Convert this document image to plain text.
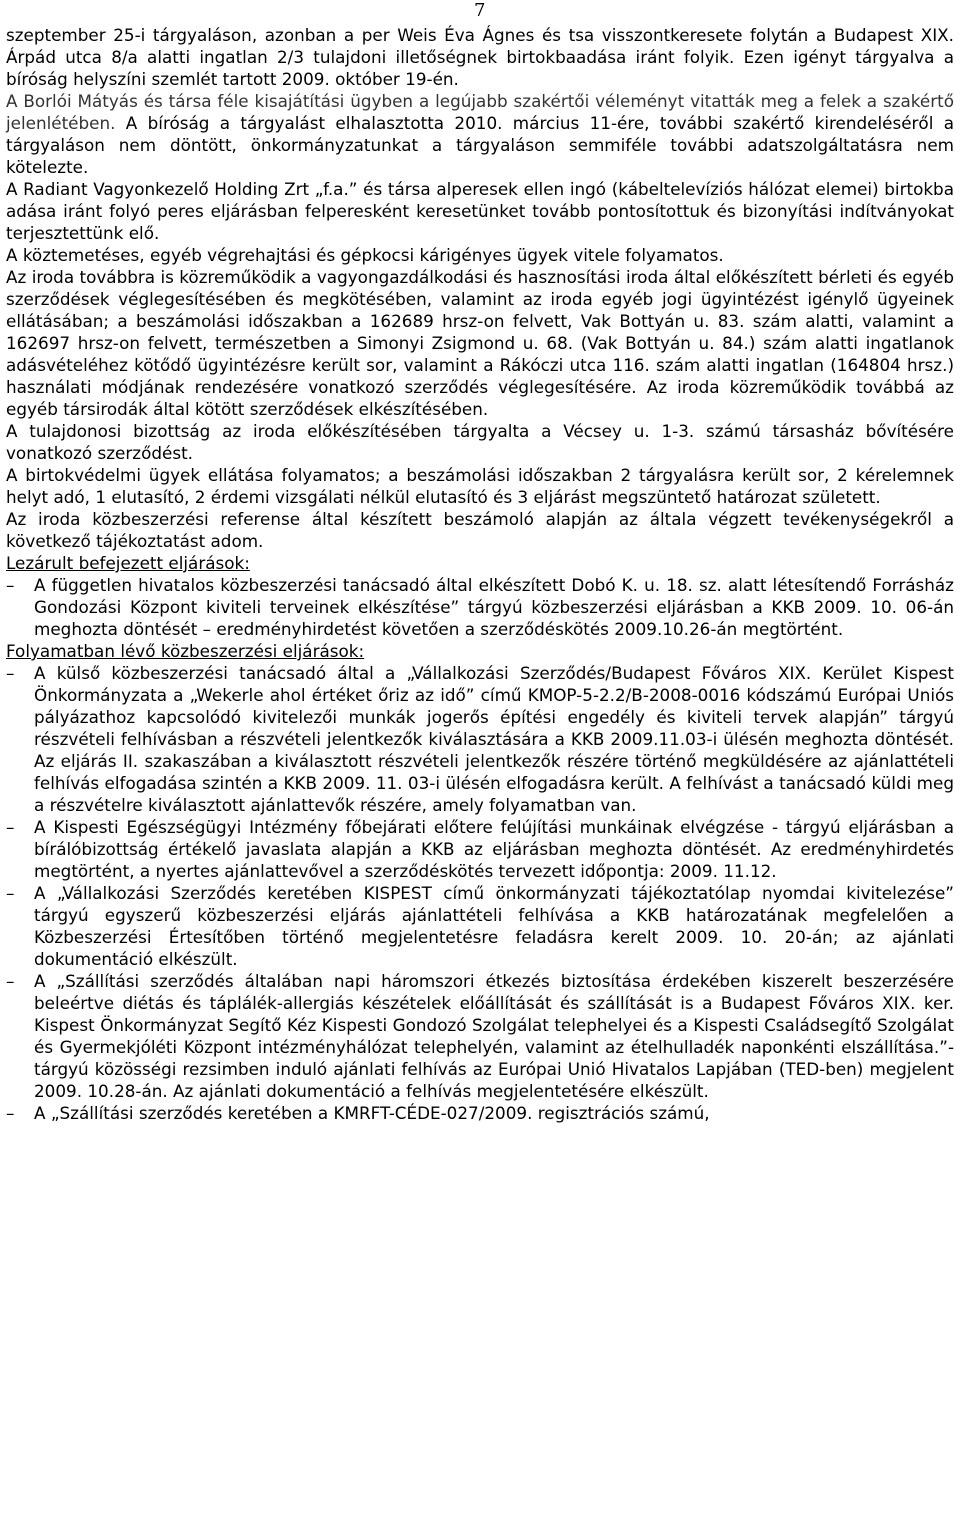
7

szeptember 25-i tárgyaláson, azonban a per Weis Éva Ágnes és tsa visszontkeresete folytán a Budapest XIX. Árpád utca 8/a alatti ingatlan 2/3 tulajdoni illetőségnek birtokbaadása iránt folyik. Ezen igényt tárgyalva a bíróság helyszíni szemlét tartott 2009. október 19-én.

A Borlói Mátyás és társa féle kisajátítási ügyben a legújabb szakértői véleményt vitatták meg a felek a szakértő jelenlétében. A bíróság a tárgyalást elhalasztotta 2010. március 11-ére, további szakértő kirendeléséről a tárgyaláson nem döntött, önkormányzatunkat a tárgyaláson semmiféle további adatszolgáltatásra nem kötelezte.

A Radiant Vagyonkezelő Holding Zrt „f.a.” és társa alperesek ellen ingó (kábeltelevíziós hálózat elemei) birtokba adása iránt folyó peres eljárásban felperesként keresetünket tovább pontosítottuk és bizonyítási indítványokat terjesztettünk elő.

A köztemetéses, egyéb végrehajtási és gépkocsi kárigényes ügyek vitele folyamatos.

Az iroda továbbra is közreműködik a vagyongazdálkodási és hasznosítási iroda által előkészített bérleti és egyéb szerződések véglegesítésében és megkötésében, valamint az iroda egyéb jogi ügyintézést igénylő ügyeinek ellátásában; a beszámolási időszakban a 162689 hrsz-on felvett, Vak Bottyán u. 83. szám alatti, valamint a 162697 hrsz-on felvett, természetben a Simonyi Zsigmond u. 68. (Vak Bottyán u. 84.) szám alatti ingatlanok adásvételéhez kötődő ügyintézésre került sor, valamint a Rákóczi utca 116. szám alatti ingatlan (164804 hrsz.) használati módjának rendezésére vonatkozó szerződés véglegesítésére. Az iroda közreműködik továbbá az egyéb társirodák által kötött szerződések elkészítésében.

A tulajdonosi bizottság az iroda előkészítésében tárgyalta a Vécsey u. 1-3. számú társasház bővítésére vonatkozó szerződést.

A birtokvédelmi ügyek ellátása folyamatos; a beszámolási időszakban 2 tárgyalásra került sor, 2 kérelemnek helyt adó, 1 elutasító, 2 érdemi vizsgálati nélkül elutasító és 3 eljárást megszüntető határozat született.

Az iroda közbeszerzési referense által készített beszámoló alapján az általa végzett tevékenységekről a következő tájékoztatást adom.

Lezárult befejezett eljárások:

– A független hivatalos közbeszerzési tanácsadó által elkészített Dobó K. u. 18. sz. alatt létesítendő Forrásház Gondozási Központ kiviteli terveinek elkészítése” tárgyú közbeszerzési eljárásban a KKB 2009. 10. 06-án meghozta döntését – eredményhirdetést követően a szerződéskötés 2009.10.26-án megtörtént.

Folyamatban lévő közbeszerzési eljárások:

– A külső közbeszerzési tanácsadó által a „Vállalkozási Szerződés/Budapest Főváros XIX. Kerület Kispest Önkormányzata a „Wekerle ahol értéket őriz az idő” című KMOP-5-2.2/B-2008-0016 kódszámú Európai Uniós pályázathoz kapcsolódó kivitelezői munkák jogerős építési engedély és kiviteli tervek alapján” tárgyú részvételi felhívásban a részvételi jelentkezők kiválasztására a KKB 2009.11.03-i ülésén meghozta döntését. Az eljárás II. szakaszában a kiválasztott részvételi jelentkezők részére történő megküldésére az ajánlattételi felhívás elfogadása szintén a KKB 2009. 11. 03-i ülésén elfogadásra került. A felhívást a tanácsadó küldi meg a részvételre kiválasztott ajánlattevők részére, amely folyamatban van.
– A Kispesti Egészségügyi Intézmény főbejárati előtere felújítási munkáinak elvégzése - tárgyú eljárásban a bírálóbizottság értékelő javaslata alapján a KKB az eljárásban meghozta döntését. Az eredményhirdetés megtörtént, a nyertes ajánlattevővel a szerződéskötés tervezett időpontja: 2009. 11.12.
– A „Vállalkozási Szerződés keretében KISPEST című önkormányzati tájékoztatólap nyomdai kivitelezése” tárgyú egyszerű közbeszerzési eljárás ajánlattételi felhívása a KKB határozatának megfelelően a Közbeszerzési Értesítőben történő megjelentetésre feladásra kerelt 2009. 10. 20-án; az ajánlati dokumentáció elkészült.
– A „Szállítási szerződés általában napi háromszori étkezés biztosítása érdekében kiszerelt beszerzésére beleértve diétás és táplálék-allergiás készételek előállítását és szállítását is a Budapest Főváros XIX. ker. Kispest Önkormányzat Segítő Kéz Kispesti Gondozó Szolgálat telephelyei és a Kispesti Családsegítő Szolgálat és Gyermekjóléti Központ intézményhálózat telephelyén, valamint az ételhulladék naponkénti elszállítása.”- tárgyú közösségi rezsimben induló ajánlati felhívás az Európai Unió Hivatalos Lapjában (TED-ben) megjelent 2009. 10.28-án. Az ajánlati dokumentáció a felhívás megjelentetésére elkészült.
– A „Szállítási szerződés keretében a KMRFT-CÉDE-027/2009. regisztrációs számú,
